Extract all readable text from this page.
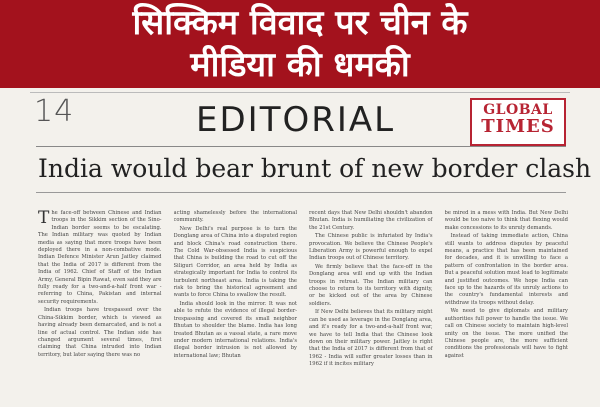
सिक्किम विवाद पर चीन के
मीडिया की धमकी
14	EDITORIAL	GLOBAL
TIMES
India would bear brunt of new border clash

The face-off between Chinese and Indian troops in the Sikkim section of the Sino-Indian border seems to be escalating. The Indian military was quoted by Indian media as saying that more troops have been deployed there in a non-combative mode. Indian Defence Minister Arun Jaitley claimed that the India of 2017 is different from the India of 1962. Chief of Staff of the Indian Army, General Bipin Rawat, even said they are fully ready for a two-and-a-half front war - referring to China, Pakistan and internal security requirements.

Indian troops have trespassed over the China-Sikkim border, which is viewed as having already been demarcated, and is not a line of actual control. The Indian side has changed argument several times, first claiming that China intruded into Indian territory, but later saying there was no

acting shamelessly before the international community.

New Delhi's real purpose is to turn the Donglang area of China into a disputed region and block China's road construction there. The Cold War-obsessed India is suspicious that China is building the road to cut off the Siliguri Corridor, an area held by India as strategically important for India to control its turbulent northeast area. India is taking the risk to bring the historical agreement and wants to force China to swallow the result.

India should look in the mirror. It was not able to refute the evidence of illegal border-trespassing and covered its small neighbor Bhutan to shoulder the blame. India has long treated Bhutan as a vassal state, a rare move under modern international relations. India's illegal border intrusion is not allowed by international law; Bhutan

recent days that New Delhi shouldn't abandon Bhutan. India is humiliating the civilization of the 21st Century.

The Chinese public is infuriated by India's provocation. We believe the Chinese People's Liberation Army is powerful enough to expel Indian troops out of Chinese territory.

We firmly believe that the face-off in the Donglang area will end up with the Indian troops in retreat. The Indian military can choose to return to its territory with dignity, or be kicked out of the area by Chinese soldiers.

If New Delhi believes that its military might can be used as leverage in the Donglang area, and it's ready for a two-and-a-half front war, we have to tell India that the Chinese look down on their military power. Jaitley is right that the India of 2017 is different from that of 1962 - India will suffer greater losses than in 1962 if it incites military

be mired in a mess with India. But New Delhi would be too naive to think that flexing would make concessions to its unruly demands.

Instead of taking immediate action, China still wants to address disputes by peaceful means, a practice that has been maintained for decades, and it is unwilling to face a pattern of confrontation in the border area. But a peaceful solution must lead to legitimate and justified outcomes. We hope India can face up to the hazards of its unruly actions to the country's fundamental interests and withdraw its troops without delay.

We need to give diplomats and military authorities full power to handle the issue. We call on Chinese society to maintain high-level unity on the issue. The more unified the Chinese people are, the more sufficient conditions the professionals will have to fight against
